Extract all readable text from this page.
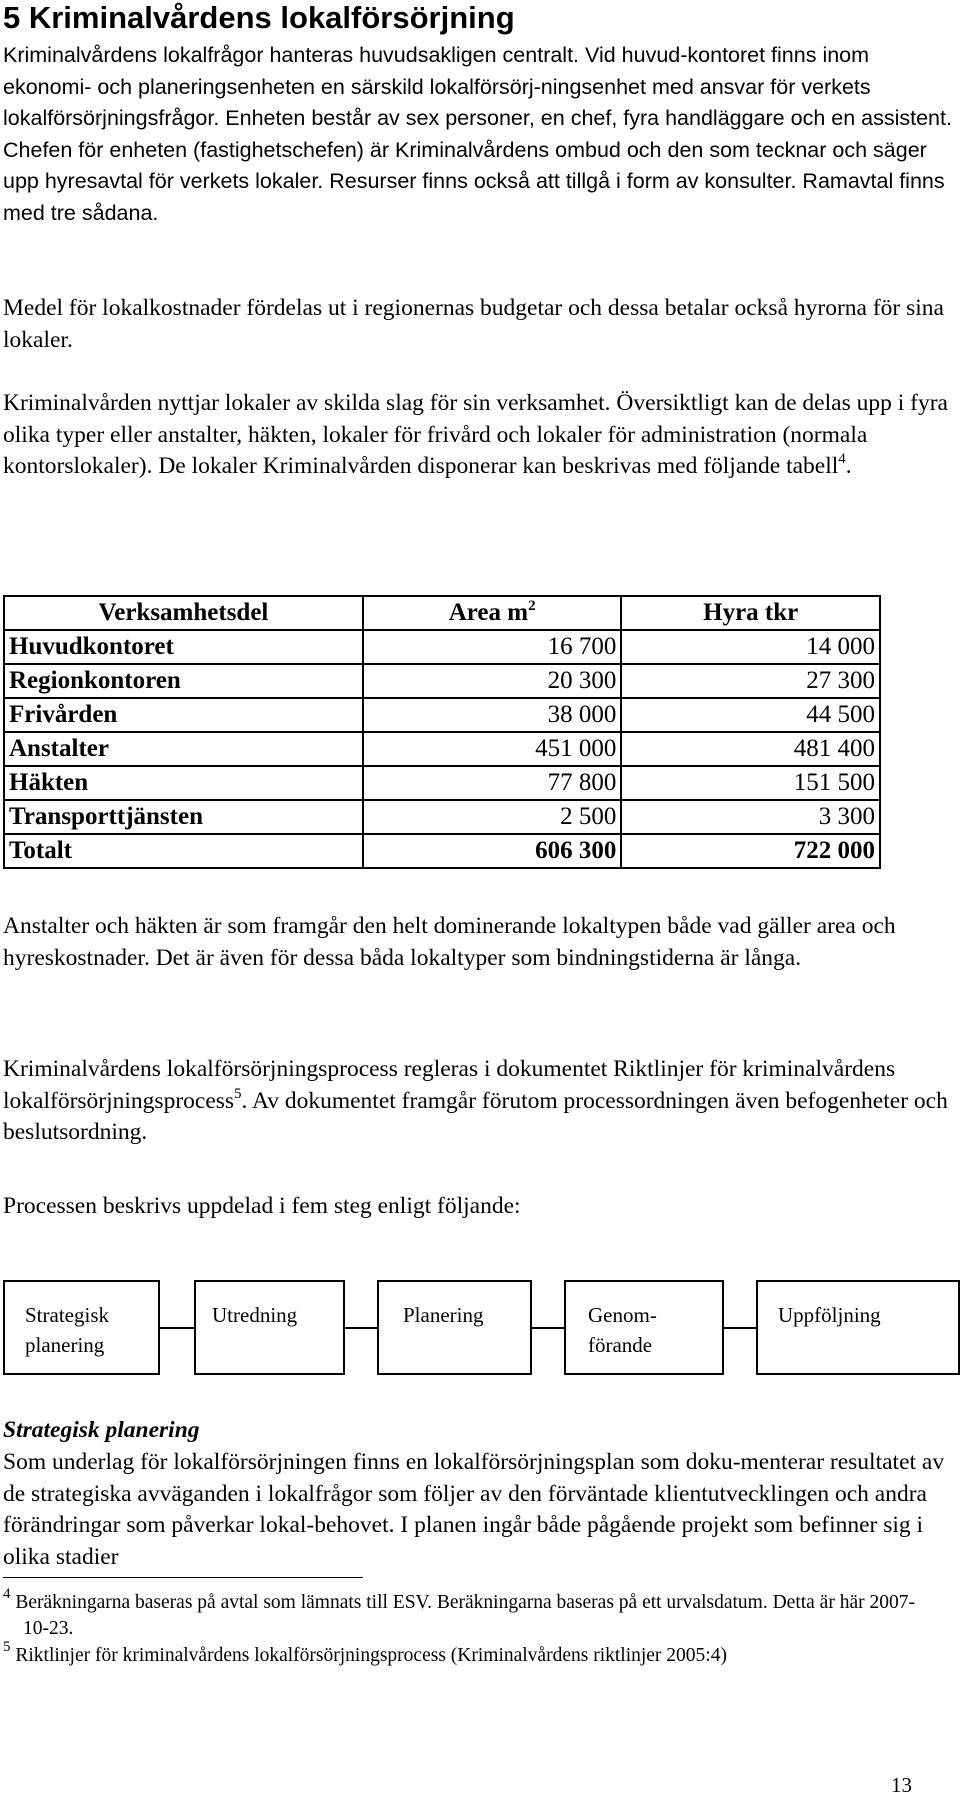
5 Kriminalvårdens lokalförsörjning

Kriminalvårdens lokalfrågor hanteras huvudsakligen centralt. Vid huvud-kontoret finns inom ekonomi- och planeringsenheten en särskild lokalförsörj-ningsenhet med ansvar för verkets lokalförsörjningsfrågor. Enheten består av sex personer, en chef, fyra handläggare och en assistent. Chefen för enheten (fastighetschefen) är Kriminalvårdens ombud och den som tecknar och säger upp hyresavtal för verkets lokaler. Resurser finns också att tillgå i form av konsulter. Ramavtal finns med tre sådana.

Medel för lokalkostnader fördelas ut i regionernas budgetar och dessa betalar också hyrorna för sina lokaler.

Kriminalvården nyttjar lokaler av skilda slag för sin verksamhet. Översiktligt kan de delas upp i fyra olika typer eller anstalter, häkten, lokaler för frivård och lokaler för administration (normala kontorslokaler). De lokaler Kriminalvården disponerar kan beskrivas med följande tabell$^4$.

Verksamhetsdel	Area $m^2$	Hyra tkr
Huvudkontoret	16 700	14 000
Regionkontoren	20 300	27 300
Frivården	38 000	44 500
Anstalter	451 000	481 400
Häkten	77 800	151 500
Transporttjänsten	2 500	3 300
Totalt	606 300	722 000

Anstalter och häkten är som framgår den helt dominerande lokaltypen både vad gäller area och hyreskostnader. Det är även för dessa båda lokaltyper som bindningstiderna är långa.

Kriminalvårdens lokalförsörjningsprocess regleras i dokumentet Riktlinjer för kriminalvårdens lokalförsörjningsprocess$^5$. Av dokumentet framgår förutom processordningen även befogenheter och beslutsordning.

Processen beskrivs uppdelad i fem steg enligt följande:

Strategisk planering
Utredning	Planering	Genom-förande
Uppföljning

Strategisk planering

Som underlag för lokalförsörjningen finns en lokalförsörjningsplan som doku-menterar resultatet av de strategiska avväganden i lokalfrågor som följer av den förväntade klientutvecklingen och andra förändringar som påverkar lokal-behovet. I planen ingår både pågående projekt som befinner sig i olika stadier

$^4$ Beräkningarna baseras på avtal som lämnats till ESV. Beräkningarna baseras på ett urvalsdatum. Detta är här 2007-10-23.

$^5$ Riktlinjer för kriminalvårdens lokalförsörjningsprocess (Kriminalvårdens riktlinjer 2005:4)

13
